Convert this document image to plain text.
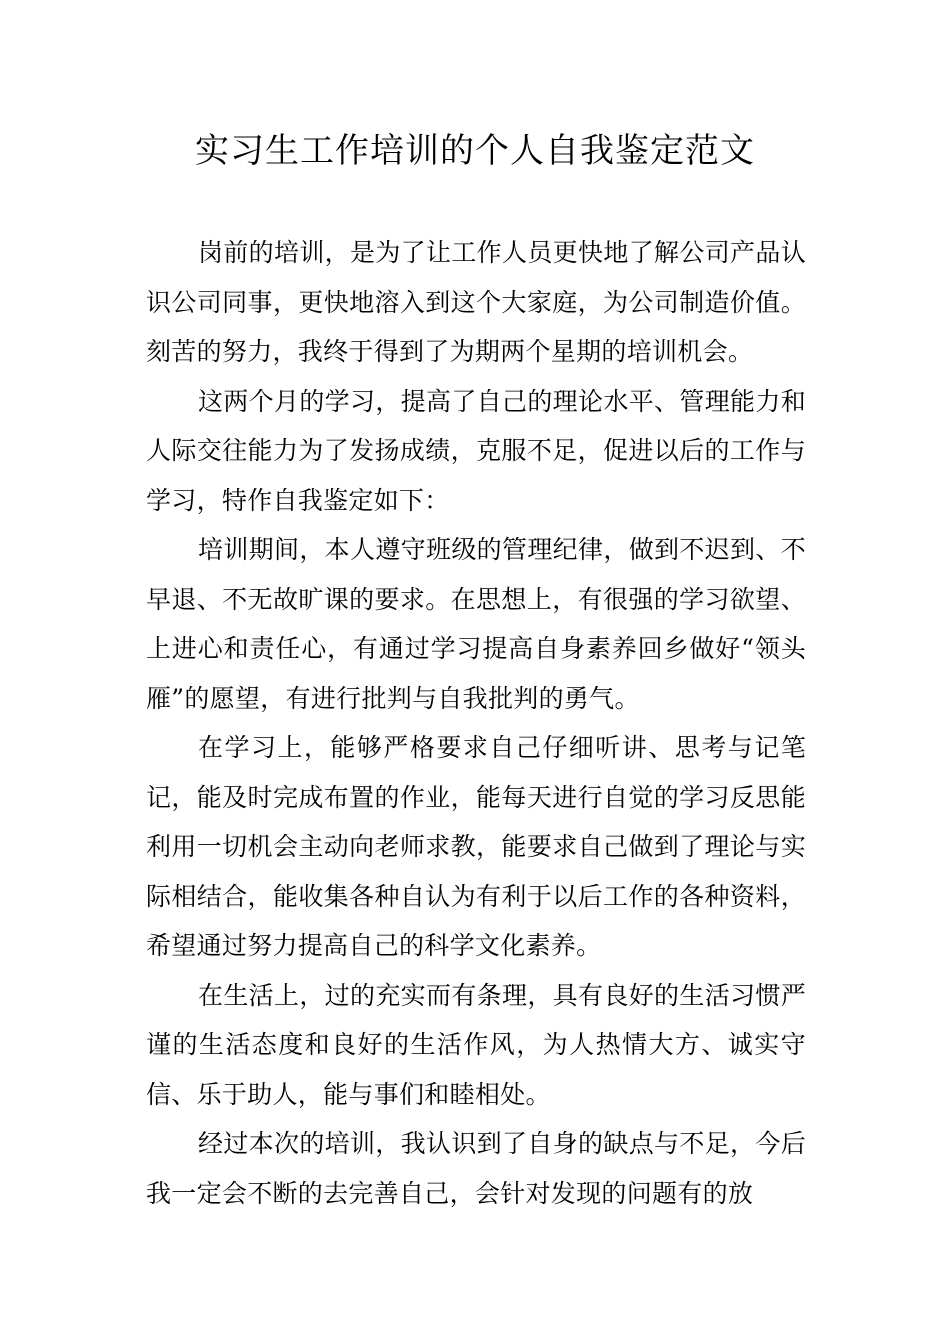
实习生工作培训的个人自我鉴定范文

岗前的培训，是为了让工作人员更快地了解公司产品认识公司同事，更快地溶入到这个大家庭，为公司制造价值。刻苦的努力，我终于得到了为期两个星期的培训机会。

这两个月的学习，提高了自己的理论水平、管理能力和人际交往能力为了发扬成绩，克服不足，促进以后的工作与学习，特作自我鉴定如下：

培训期间，本人遵守班级的管理纪律，做到不迟到、不早退、不无故旷课的要求。在思想上，有很强的学习欲望、上进心和责任心，有通过学习提高自身素养回乡做好“领头雁”的愿望，有进行批判与自我批判的勇气。

在学习上，能够严格要求自己仔细听讲、思考与记笔记，能及时完成布置的作业，能每天进行自觉的学习反思能利用一切机会主动向老师求教，能要求自己做到了理论与实际相结合，能收集各种自认为有利于以后工作的各种资料，希望通过努力提高自己的科学文化素养。

在生活上，过的充实而有条理，具有良好的生活习惯严谨的生活态度和良好的生活作风，为人热情大方、诚实守信、乐于助人，能与事们和睦相处。

经过本次的培训，我认识到了自身的缺点与不足，今后我一定会不断的去完善自己，会针对发现的问题有的放
